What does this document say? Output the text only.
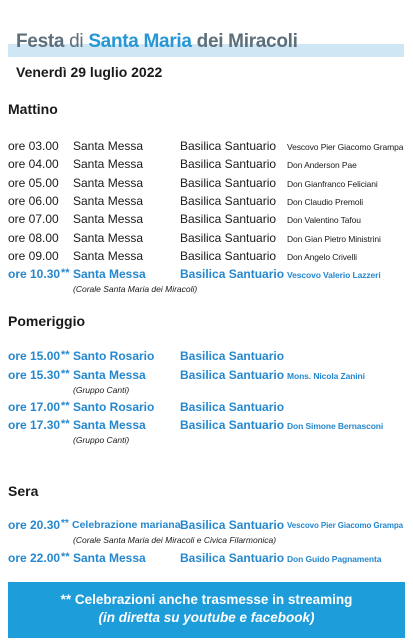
Festa di Santa Maria dei Miracoli

Venerdì 29 luglio 2022

Mattino
ore 03.00 Santa Messa	Basilica Santuario Vescovo Pier Giacomo Grampa
ore 04.00 Santa Messa	Basilica Santuario Don Anderson Pae
ore 05.00 Santa Messa	Basilica Santuario Don Gianfranco Feliciani
ore 06.00 Santa Messa	Basilica Santuario Don Claudio Premoli
ore 07.00 Santa Messa	Basilica Santuario Don Valentino Tafou
ore 08.00 Santa Messa	Basilica Santuario Don Gian Pietro Ministrini
ore 09.00 Santa Messa	Basilica Santuario Don Angelo Crivelli
ore 10.30 ** Santa Messa	Basilica Santuario Vescovo Valerio Lazzeri
(Corale Santa Maria dei Miracoli)
Pomeriggio
ore 15.00 ** Santo Rosario Basilica Santuario
ore 15.30 ** Santa Messa	Basilica Santuario Mons. Nicola Zanini
(Gruppo Canti)
ore 17.00 ** Santo Rosario Basilica Santuario
ore 17.30 ** Santa Messa	Basilica Santuario Don Simone Bernasconi
(Gruppo Canti)
Sera
ore 20.30 ** Celebrazione mariana Basilica Santuario Vescovo Pier Giacomo Grampa
(Corale Santa Maria dei Miracoli e Civica Filarmonica)
ore 22.00 ** Santa Messa	Basilica Santuario Don Guido Pagnamenta
** Celebrazioni anche trasmesse in streaming
(in diretta su youtube e facebook)
